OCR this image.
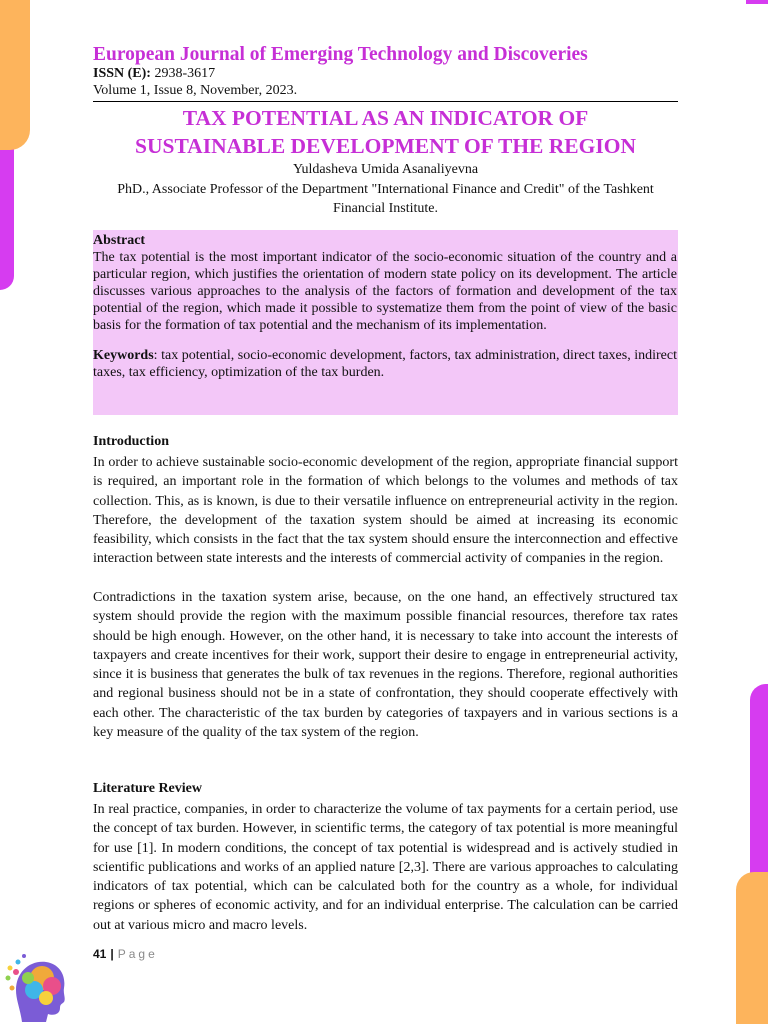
European Journal of Emerging Technology and Discoveries
ISSN (E): 2938-3617
Volume 1, Issue 8, November, 2023.
TAX POTENTIAL AS AN INDICATOR OF
SUSTAINABLE DEVELOPMENT OF THE REGION
Yuldasheva Umida Asanaliyevna
PhD., Associate Professor of the Department "International Finance and Credit" of the Tashkent Financial Institute.
Abstract

The tax potential is the most important indicator of the socio-economic situation of the country and a particular region, which justifies the orientation of modern state policy on its development. The article discusses various approaches to the analysis of the factors of formation and development of the tax potential of the region, which made it possible to systematize them from the point of view of the basic basis for the formation of tax potential and the mechanism of its implementation.

Keywords: tax potential, socio-economic development, factors, tax administration, direct taxes, indirect taxes, tax efficiency, optimization of the tax burden.

Introduction

In order to achieve sustainable socio-economic development of the region, appropriate financial support is required, an important role in the formation of which belongs to the volumes and methods of tax collection. This, as is known, is due to their versatile influence on entrepreneurial activity in the region. Therefore, the development of the taxation system should be aimed at increasing its economic feasibility, which consists in the fact that the tax system should ensure the interconnection and effective interaction between state interests and the interests of commercial activity of companies in the region.

Contradictions in the taxation system arise, because, on the one hand, an effectively structured tax system should provide the region with the maximum possible financial resources, therefore tax rates should be high enough. However, on the other hand, it is necessary to take into account the interests of taxpayers and create incentives for their work, support their desire to engage in entrepreneurial activity, since it is business that generates the bulk of tax revenues in the regions. Therefore, regional authorities and regional business should not be in a state of confrontation, they should cooperate effectively with each other. The characteristic of the tax burden by categories of taxpayers and in various sections is a key measure of the quality of the tax system of the region.

Literature Review

In real practice, companies, in order to characterize the volume of tax payments for a certain period, use the concept of tax burden. However, in scientific terms, the category of tax potential is more meaningful for use [1]. In modern conditions, the concept of tax potential is widespread and is actively studied in scientific publications and works of an applied nature [2,3]. There are various approaches to calculating indicators of tax potential, which can be calculated both for the country as a whole, for individual regions or spheres of economic activity, and for an individual enterprise. The calculation can be carried out at various micro and macro levels.

41 | Page
